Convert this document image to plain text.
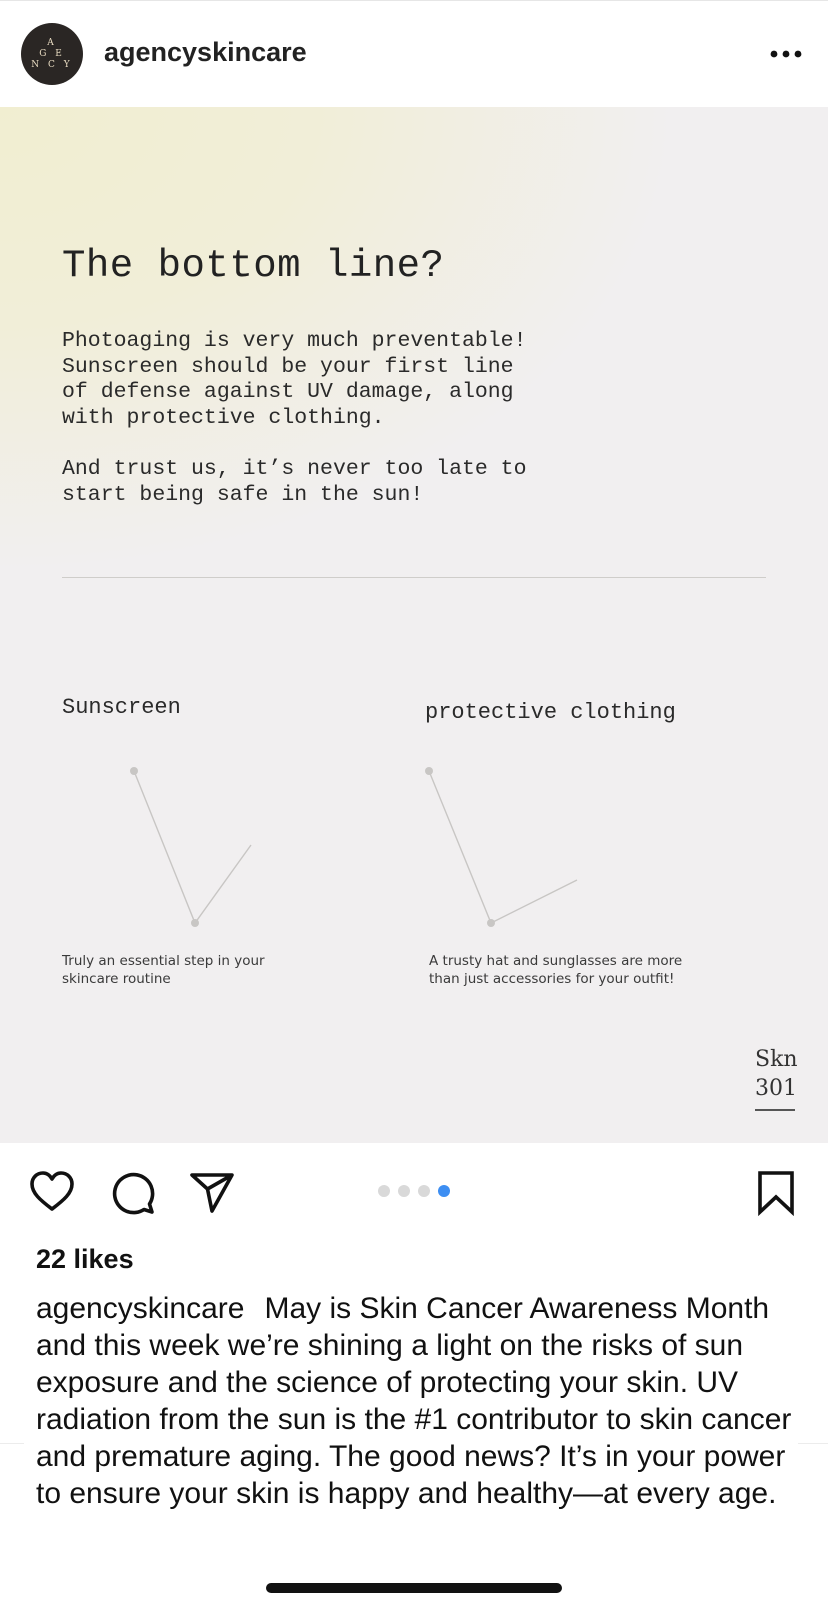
A
G E
N C Y agencyskincare
The bottom line?
Photoaging is very much preventable!
Sunscreen should be your first line
of defense against UV damage, along
with protective clothing.
And trust us, it’s never too late to
start being safe in the sun!
Sunscreen	protective clothing
Truly an essential step in your
skincare routine
A trusty hat and sunglasses are more
than just accessories for your outfit!
Skn
301
22 likes
agencyskincare May is Skin Cancer Awareness Month and this week we’re shining a light on the risks of sun exposure and the science of protecting your skin. UV radiation from the sun is the #1 contributor to skin cancer and premature aging. The good news? It’s in your power to ensure your skin is happy and healthy—at every age.
